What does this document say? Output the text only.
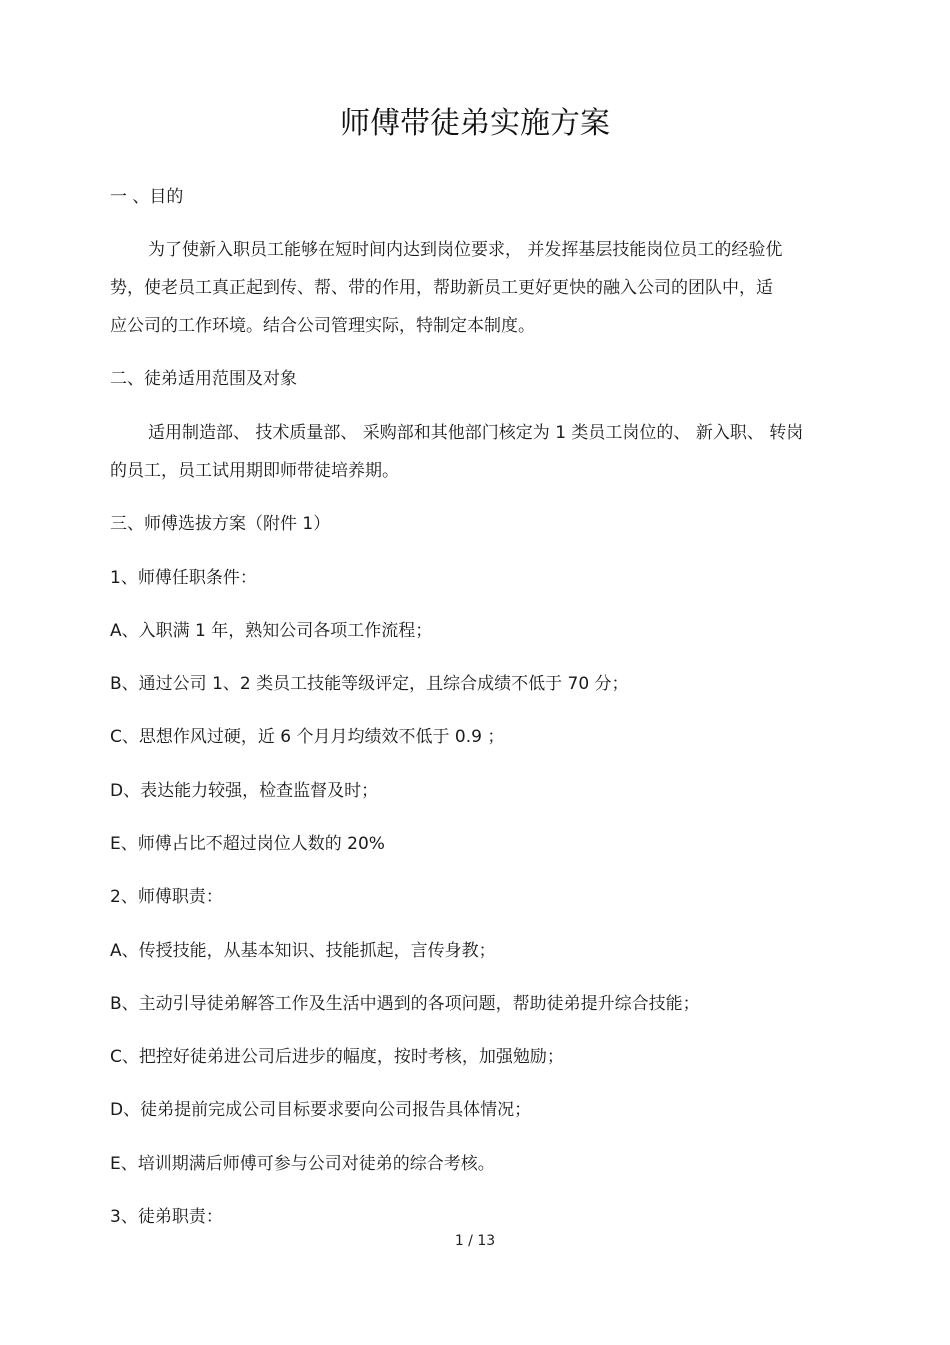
师傅带徒弟实施方案
一 、目的
为了使新入职员工能够在短时间内达到岗位要求， 并发挥基层技能岗位员工的经验优
势，使老员工真正起到传、帮、带的作用，帮助新员工更好更快的融入公司的团队中，适
应公司的工作环境。结合公司管理实际，特制定本制度。
二、徒弟适用范围及对象
适用制造部、 技术质量部、 采购部和其他部门核定为 1 类员工岗位的、 新入职、 转岗
的员工，员工试用期即师带徒培养期。
三、师傅选拔方案（附件 1）
1、师傅任职条件：
A、入职满 1 年，熟知公司各项工作流程；
B、通过公司 1、2 类员工技能等级评定，且综合成绩不低于 70 分；
C、思想作风过硬，近 6 个月月均绩效不低于 0.9 ；
D、表达能力较强，检查监督及时；
E、师傅占比不超过岗位人数的 20%
2、师傅职责：
A、传授技能，从基本知识、技能抓起，言传身教；
B、主动引导徒弟解答工作及生活中遇到的各项问题，帮助徒弟提升综合技能；
C、把控好徒弟进公司后进步的幅度，按时考核，加强勉励；
D、徒弟提前完成公司目标要求要向公司报告具体情况；
E、培训期满后师傅可参与公司对徒弟的综合考核。
3、徒弟职责：
1 / 13
